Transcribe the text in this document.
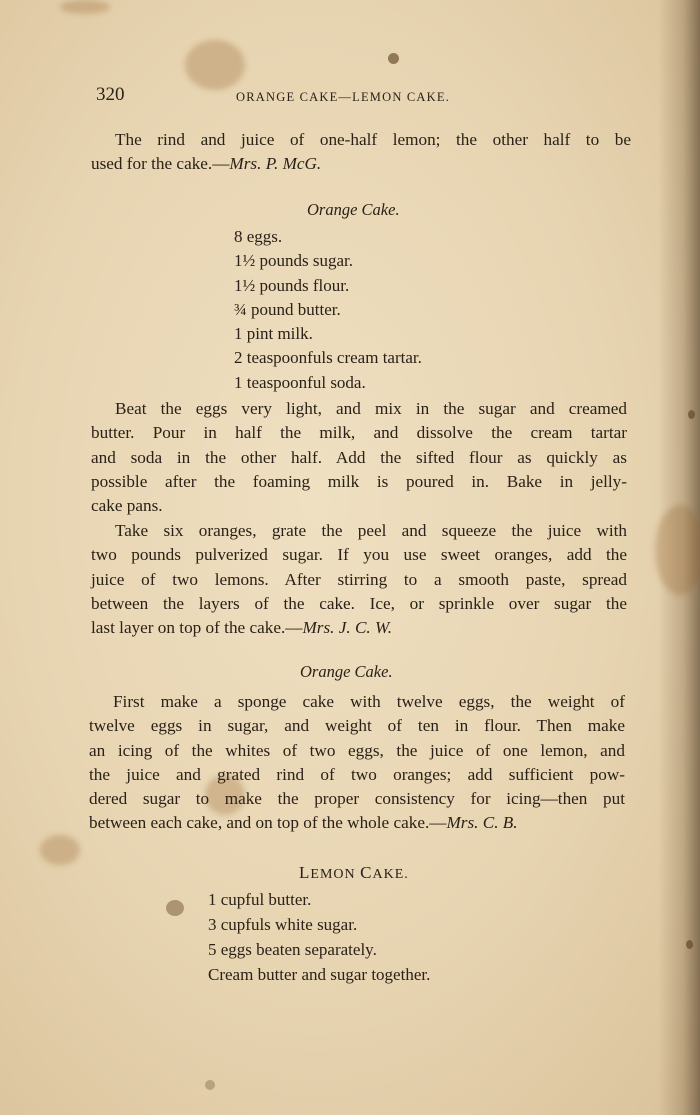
320	ORANGE CAKE—LEMON CAKE.
The rind and juice of one-half lemon; the other half to be
used for the cake.—Mrs. P. McG.
Orange Cake.
8 eggs.
1½ pounds sugar.
1½ pounds flour.
¾ pound butter.
1 pint milk.
2 teaspoonfuls cream tartar.
1 teaspoonful soda.
Beat the eggs very light, and mix in the sugar and creamed
butter. Pour in half the milk, and dissolve the cream tartar
and soda in the other half. Add the sifted flour as quickly as
possible after the foaming milk is poured in. Bake in jelly-
cake pans.
Take six oranges, grate the peel and squeeze the juice with
two pounds pulverized sugar. If you use sweet oranges, add the
juice of two lemons. After stirring to a smooth paste, spread
between the layers of the cake. Ice, or sprinkle over sugar the
last layer on top of the cake.—Mrs. J. C. W.
Orange Cake.
First make a sponge cake with twelve eggs, the weight of
twelve eggs in sugar, and weight of ten in flour. Then make
an icing of the whites of two eggs, the juice of one lemon, and
the juice and grated rind of two oranges; add sufficient pow-
dered sugar to make the proper consistency for icing—then put
between each cake, and on top of the whole cake.—Mrs. C. B.
LEMON CAKE.
1 cupful butter.
3 cupfuls white sugar.
5 eggs beaten separately.
Cream butter and sugar together.
